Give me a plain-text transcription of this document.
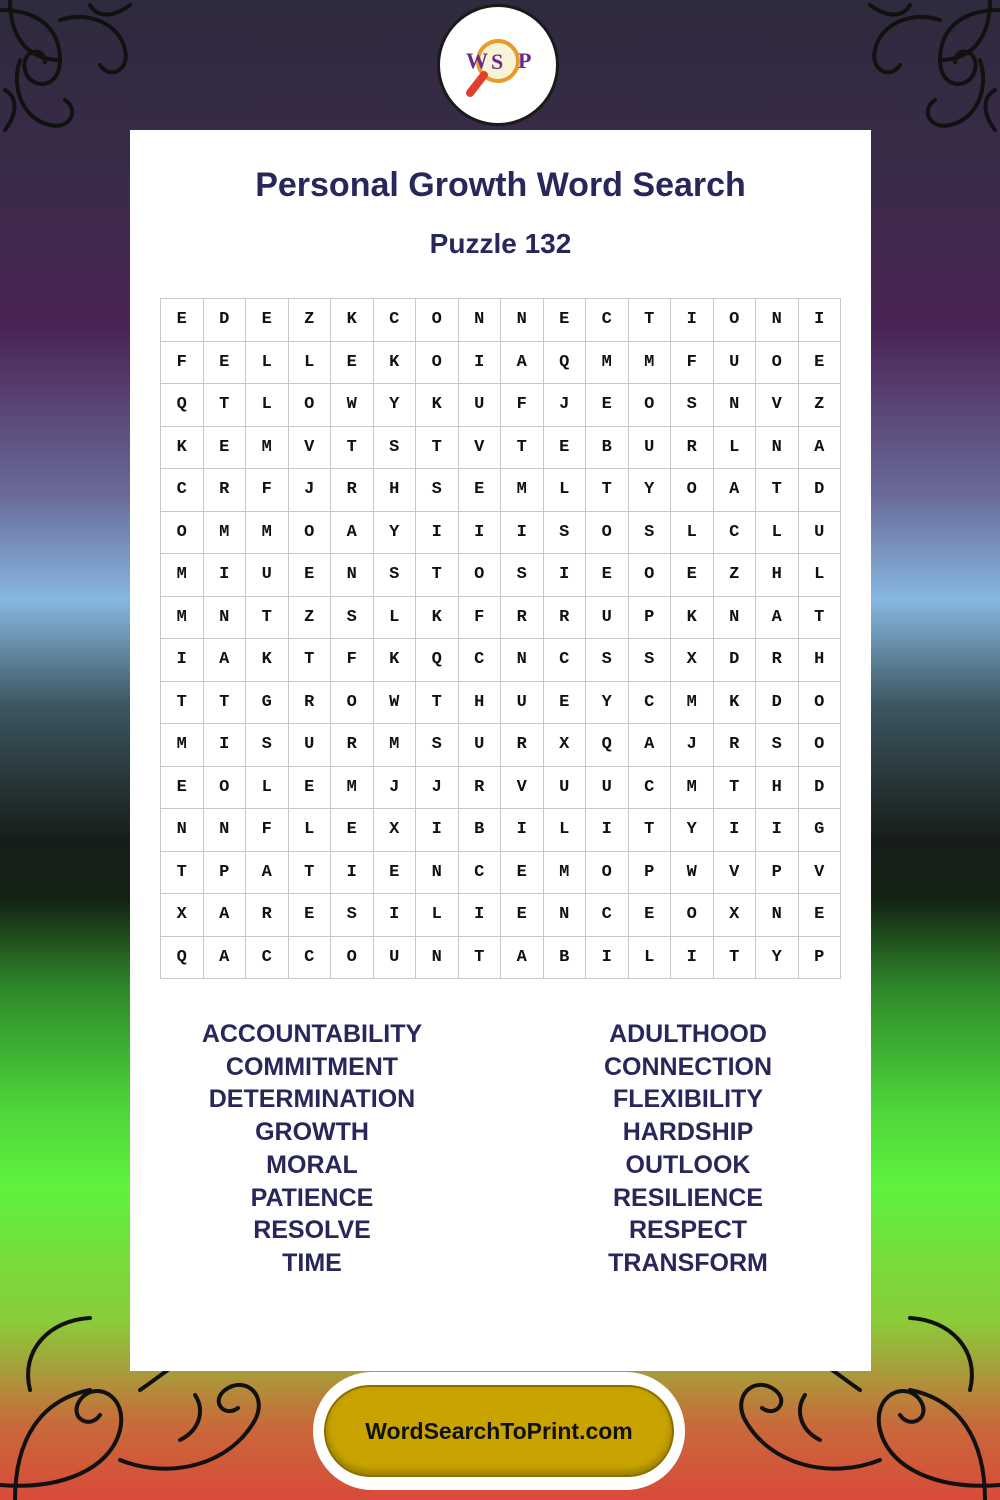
W S P
Personal Growth Word Search
Puzzle 132
E	D	E	Z	K	C	O	N	N	E	C	T	I	O	N	I
F	E	L	L	E	K	O	I	A	Q	M	M	F	U	O	E
Q	T	L	O	W	Y	K	U	F	J	E	O	S	N	V	Z
K	E	M	V	T	S	T	V	T	E	B	U	R	L	N	A
C	R	F	J	R	H	S	E	M	L	T	Y	O	A	T	D
O	M	M	O	A	Y	I	I	I	S	O	S	L	C	L	U
M	I	U	E	N	S	T	O	S	I	E	O	E	Z	H	L
M	N	T	Z	S	L	K	F	R	R	U	P	K	N	A	T
I	A	K	T	F	K	Q	C	N	C	S	S	X	D	R	H
T	T	G	R	O	W	T	H	U	E	Y	C	M	K	D	O
M	I	S	U	R	M	S	U	R	X	Q	A	J	R	S	O
E	O	L	E	M	J	J	R	V	U	U	C	M	T	H	D
N	N	F	L	E	X	I	B	I	L	I	T	Y	I	I	G
T	P	A	T	I	E	N	C	E	M	O	P	W	V	P	V
X	A	R	E	S	I	L	I	E	N	C	E	O	X	N	E
Q	A	C	C	O	U	N	T	A	B	I	L	I	T	Y	P
ACCOUNTABILITY
COMMITMENT
DETERMINATION
GROWTH
MORAL
PATIENCE
RESOLVE
TIME
ADULTHOOD
CONNECTION
FLEXIBILITY
HARDSHIP
OUTLOOK
RESILIENCE
RESPECT
TRANSFORM
WordSearchToPrint.com
